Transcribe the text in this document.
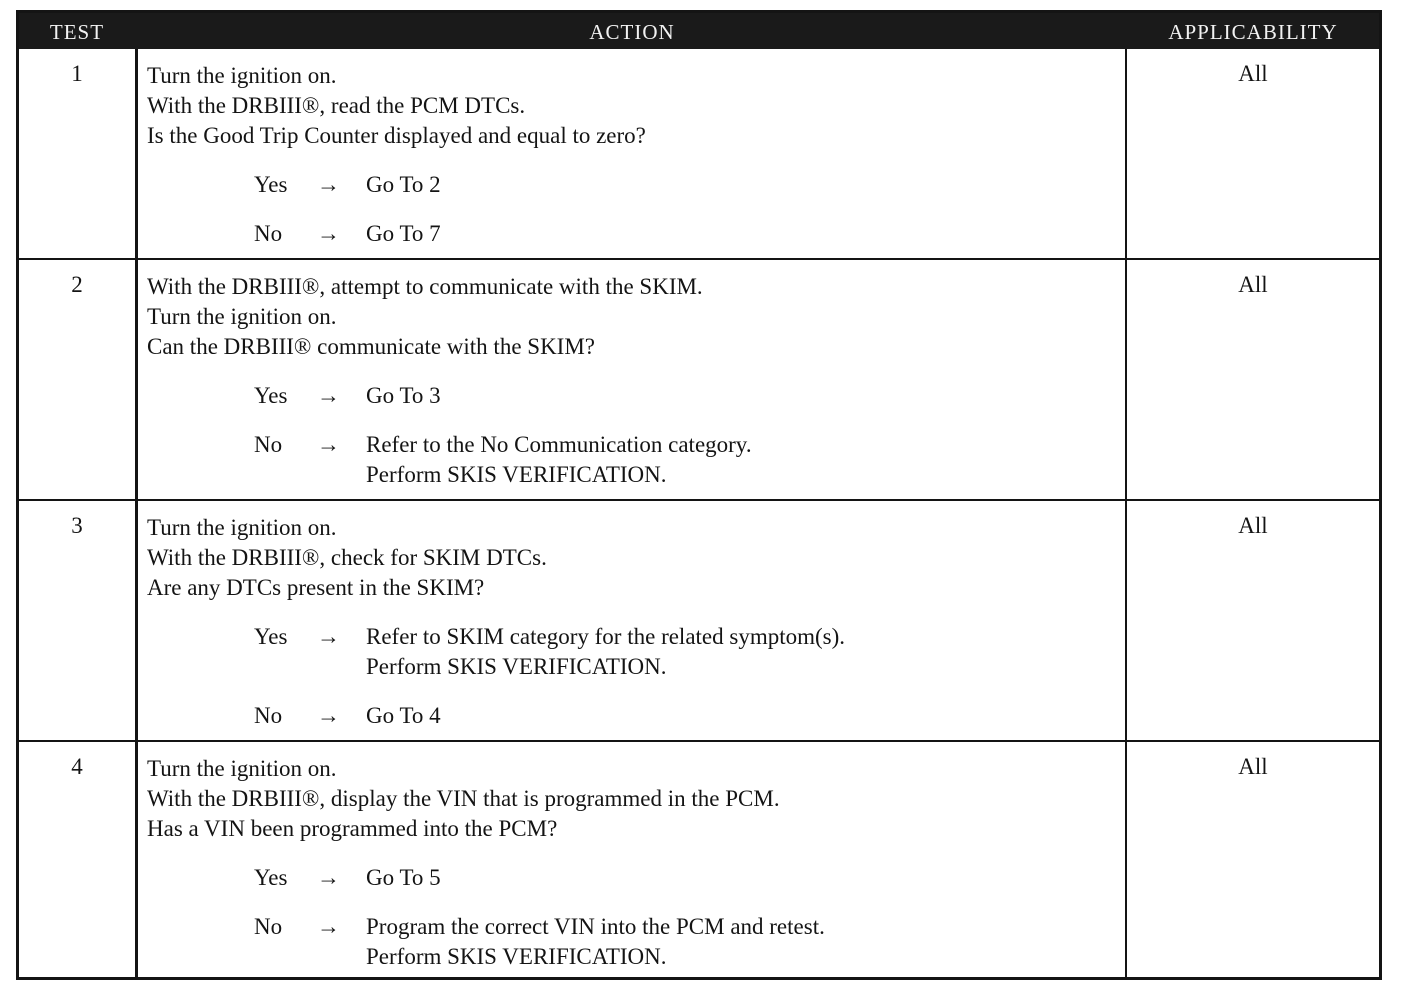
TEST	ACTION	APPLICABILITY
1	Turn the ignition on.
With the DRBIII®, read the PCM DTCs.
Is the Good Trip Counter displayed and equal to zero?
Yes → Go To 2
No → Go To 7
All
2	With the DRBIII®, attempt to communicate with the SKIM.
Turn the ignition on.
Can the DRBIII® communicate with the SKIM?
Yes → Go To 3
No → Refer to the No Communication category.
Perform SKIS VERIFICATION.
All
3	Turn the ignition on.
With the DRBIII®, check for SKIM DTCs.
Are any DTCs present in the SKIM?
Yes → Refer to SKIM category for the related symptom(s).
Perform SKIS VERIFICATION.
No → Go To 4
All
4	Turn the ignition on.
With the DRBIII®, display the VIN that is programmed in the PCM.
Has a VIN been programmed into the PCM?
Yes → Go To 5
No → Program the correct VIN into the PCM and retest.
Perform SKIS VERIFICATION.
All
